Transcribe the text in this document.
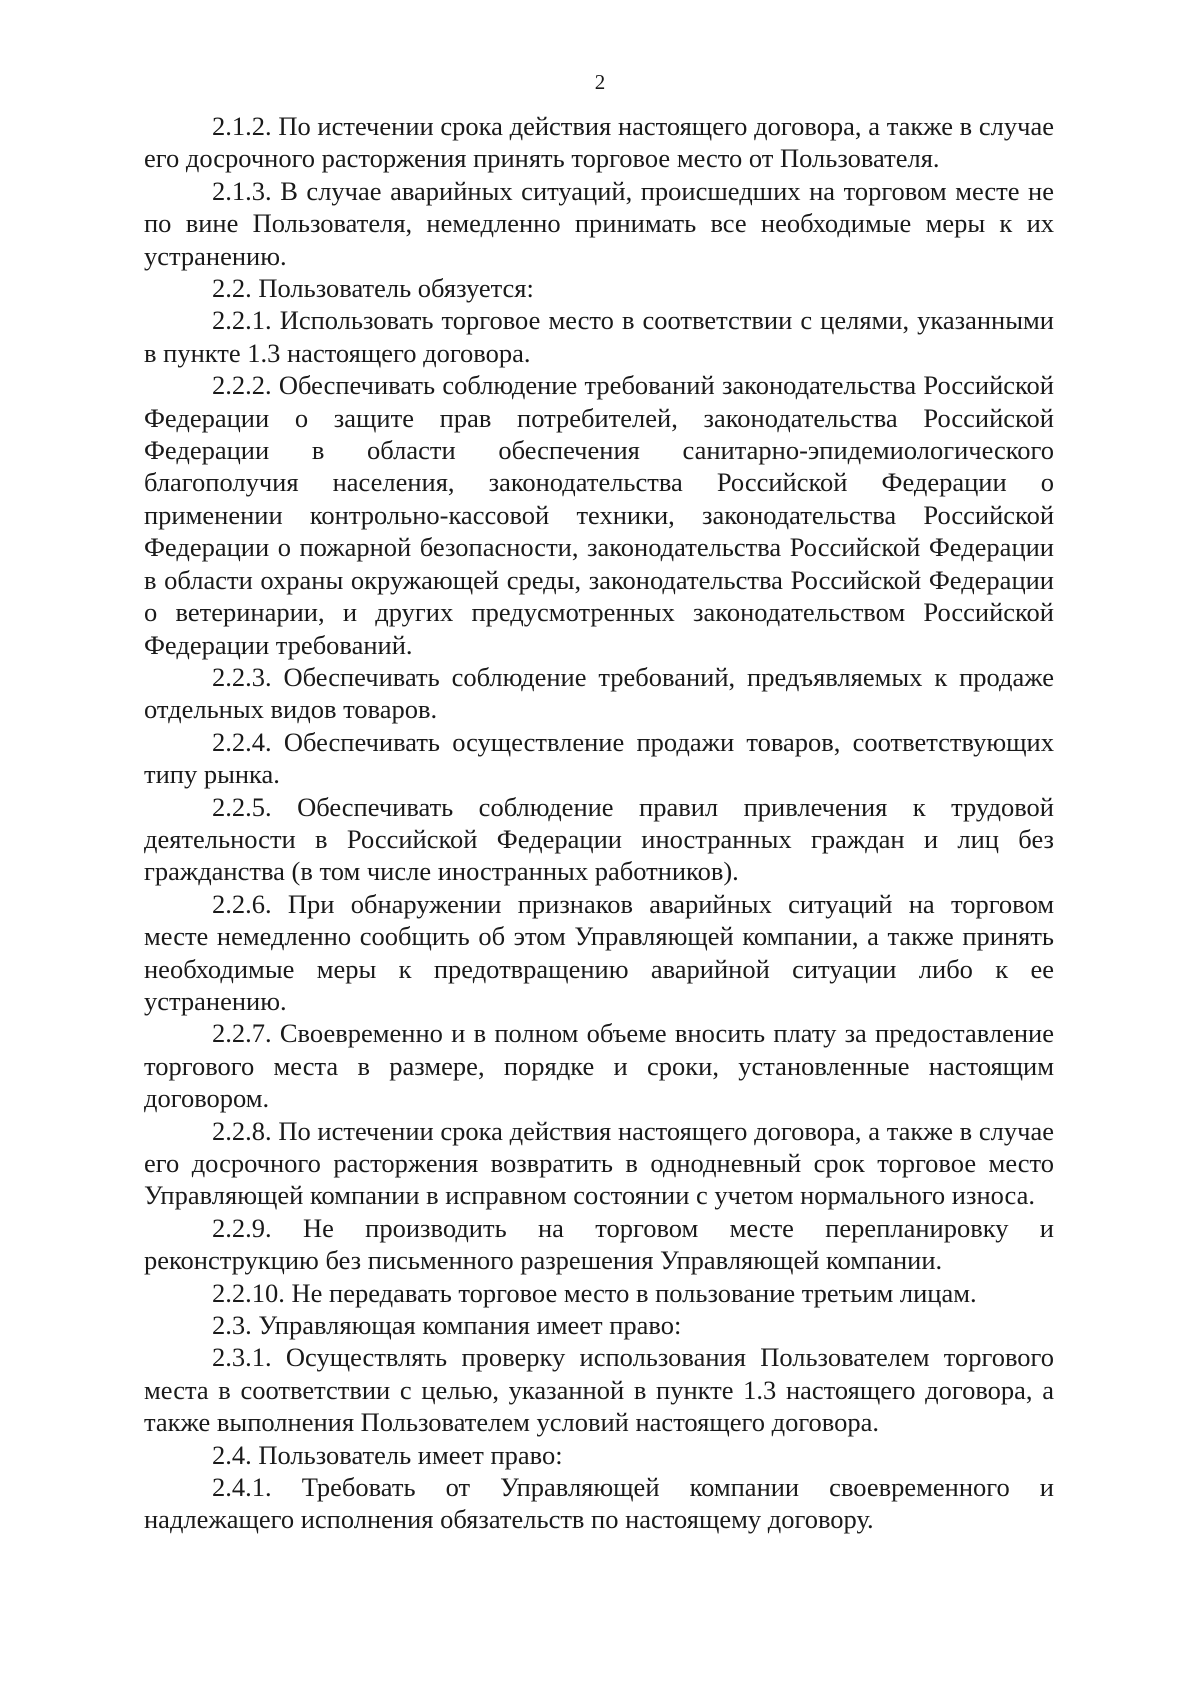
2

2.1.2. По истечении срока действия настоящего договора, а также в случае его досрочного расторжения принять торговое место от Пользователя.

2.1.3. В случае аварийных ситуаций, происшедших на торговом месте не по вине Пользователя, немедленно принимать все необходимые меры к их устранению.

2.2. Пользователь обязуется:

2.2.1. Использовать торговое место в соответствии с целями, указанными в пункте 1.3 настоящего договора.

2.2.2. Обеспечивать соблюдение требований законодательства Российской Федерации о защите прав потребителей, законодательства Российской Федерации в области обеспечения санитарно-эпидемиологического благополучия населения, законодательства Российской Федерации о применении контрольно-кассовой техники, законодательства Российской Федерации о пожарной безопасности, законодательства Российской Федерации в области охраны окружающей среды, законодательства Российской Федерации о ветеринарии, и других предусмотренных законодательством Российской Федерации требований.

2.2.3. Обеспечивать соблюдение требований, предъявляемых к продаже отдельных видов товаров.

2.2.4. Обеспечивать осуществление продажи товаров, соответствующих типу рынка.

2.2.5. Обеспечивать соблюдение правил привлечения к трудовой деятельности в Российской Федерации иностранных граждан и лиц без гражданства (в том числе иностранных работников).

2.2.6. При обнаружении признаков аварийных ситуаций на торговом месте немедленно сообщить об этом Управляющей компании, а также принять необходимые меры к предотвращению аварийной ситуации либо к ее устранению.

2.2.7. Своевременно и в полном объеме вносить плату за предоставление торгового места в размере, порядке и сроки, установленные настоящим договором.

2.2.8. По истечении срока действия настоящего договора, а также в случае его досрочного расторжения возвратить в однодневный срок торговое место Управляющей компании в исправном состоянии с учетом нормального износа.

2.2.9. Не производить на торговом месте перепланировку и реконструкцию без письменного разрешения Управляющей компании.

2.2.10. Не передавать торговое место в пользование третьим лицам.

2.3. Управляющая компания имеет право:

2.3.1. Осуществлять проверку использования Пользователем торгового места в соответствии с целью, указанной в пункте 1.3 настоящего договора, а также выполнения Пользователем условий настоящего договора.

2.4. Пользователь имеет право:

2.4.1. Требовать от Управляющей компании своевременного и надлежащего исполнения обязательств по настоящему договору.
